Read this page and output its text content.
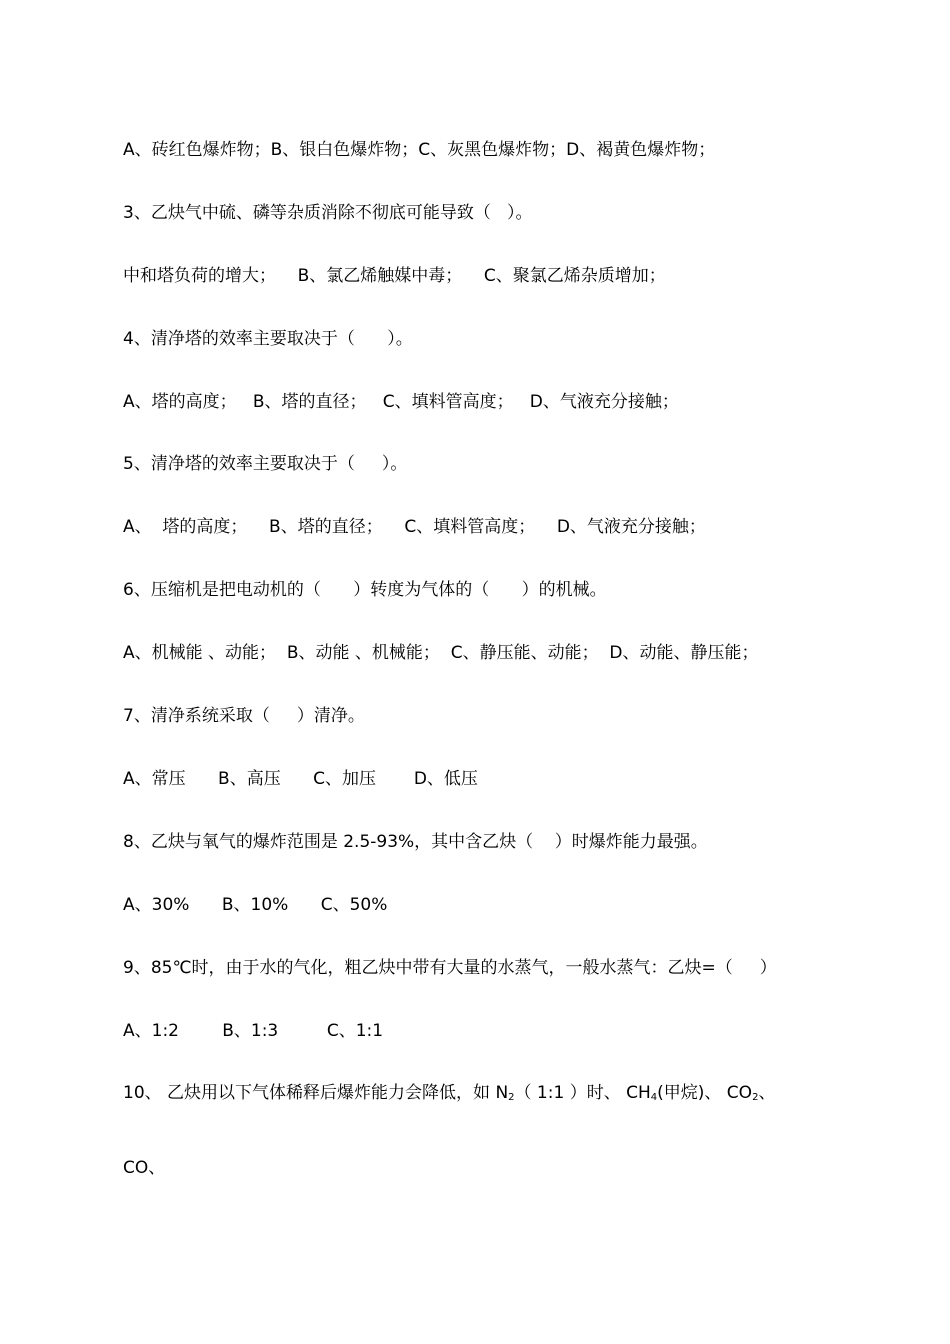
A、砖红色爆炸物；B、银白色爆炸物；C、灰黑色爆炸物；D、褐黄色爆炸物；
3、乙炔气中硫、磷等杂质消除不彻底可能导致（   ）。
中和塔负荷的增大；    B、氯乙烯触媒中毒；    C、聚氯乙烯杂质增加；
4、清净塔的效率主要取决于（      ）。
A、塔的高度；   B、塔的直径；   C、填料管高度；   D、气液充分接触；
5、清净塔的效率主要取决于（     ）。
A、  塔的高度；    B、塔的直径；    C、填料管高度；    D、气液充分接触；
6、压缩机是把电动机的（      ）转度为气体的（      ）的机械。
A、机械能 、动能；  B、动能 、机械能；  C、静压能、动能；  D、动能、静压能；
7、清净系统采取（     ）清净。
A、常压      B、高压      C、加压       D、低压
8、乙炔与氧气的爆炸范围是 2.5-93%，其中含乙炔（    ）时爆炸能力最强。
A、30%      B、10%      C、50%
9、85℃时，由于水的气化，粗乙炔中带有大量的水蒸气，一般水蒸气：乙炔=（     ）
A、1:2        B、1:3         C、1:1
10、 乙炔用以下气体稀释后爆炸能力会降低，如 $N_2$（ 1:1 ）时、 $CH_4$(甲烷)、 $CO_2$、
CO、
